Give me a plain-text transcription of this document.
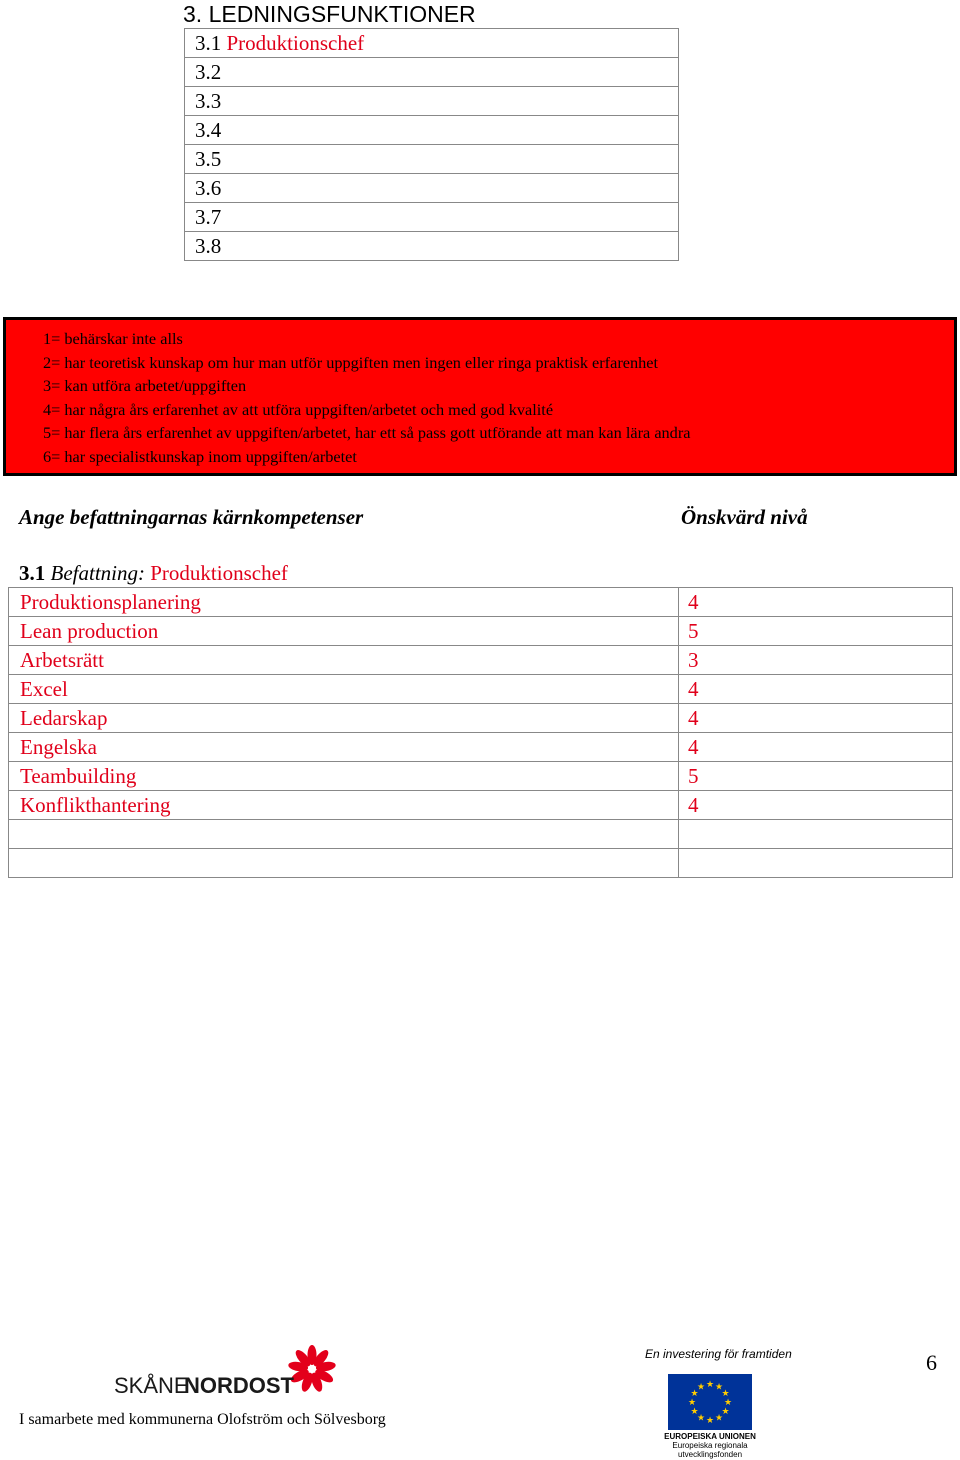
3. LEDNINGSFUNKTIONER
3.1 Produktionschef
3.2
3.3
3.4
3.5
3.6
3.7
3.8
1= behärskar inte alls
2= har teoretisk kunskap om hur man utför uppgiften men ingen eller ringa praktisk erfarenhet
3= kan utföra arbetet/uppgiften
4= har några års erfarenhet av att utföra uppgiften/arbetet och med god kvalité
5= har flera års erfarenhet av uppgiften/arbetet, har ett så pass gott utförande att man kan lära andra
6= har specialistkunskap inom uppgiften/arbetet
Ange befattningarnas kärnkompetenser	Önskvärd nivå
3.1 Befattning: Produktionschef
Produktionsplanering	4
Lean production	5
Arbetsrätt	3
Excel	4
Ledarskap	4
Engelska	4
Teambuilding	5
Konflikthantering	4

SKÅNE
NORDOST
I samarbete med kommunerna Olofström och Sölvesborg
En investering för framtiden
★ ★
★
★
★
★
★
★
★
★
★
★
EUROPEISKA UNIONEN
Europeiska regionala
utvecklingsfonden
6
